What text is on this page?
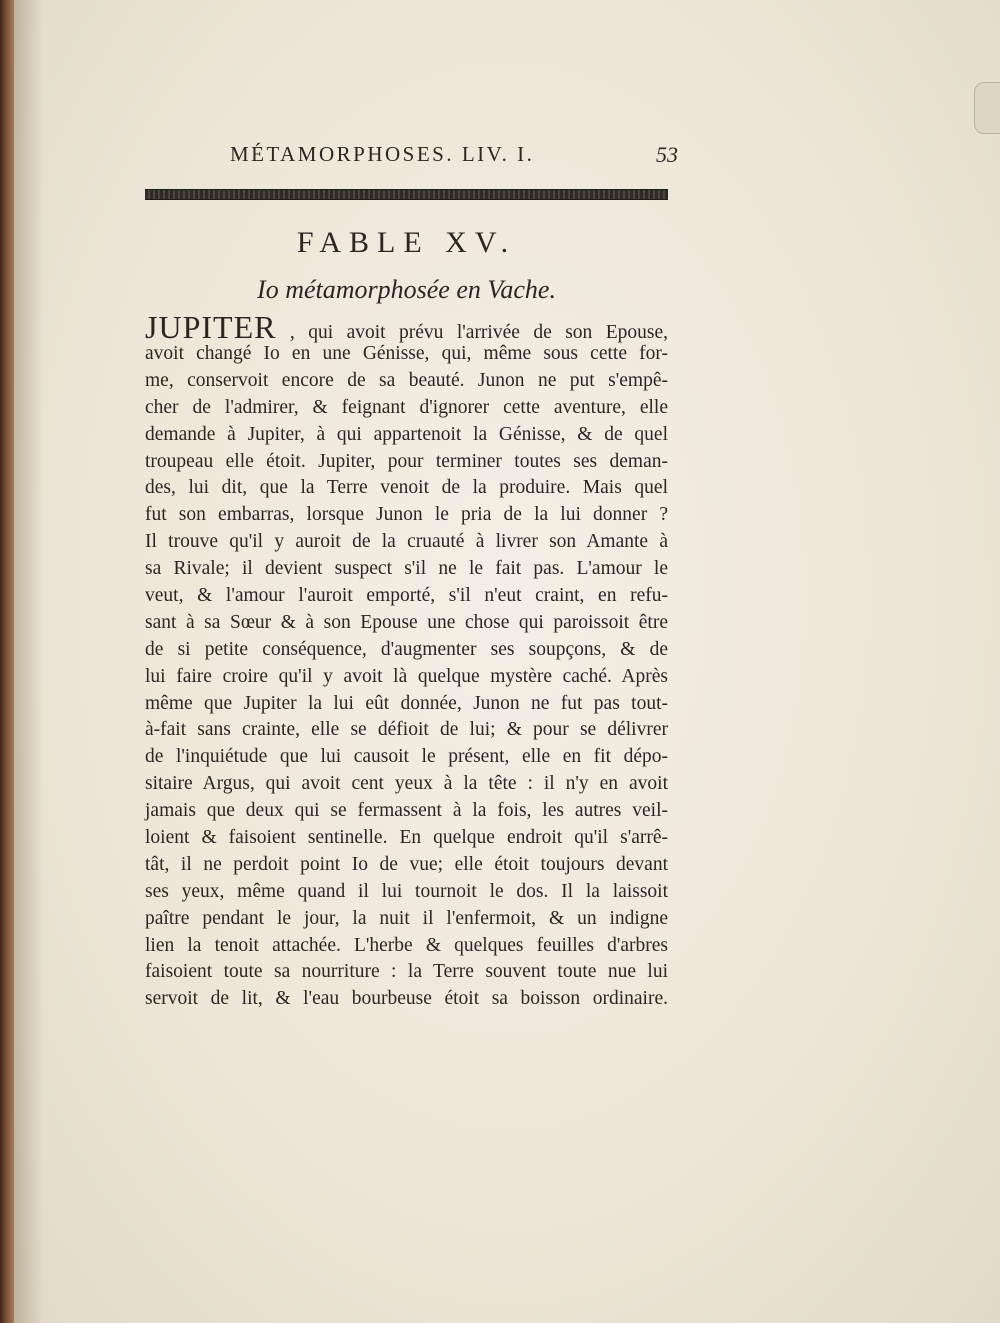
MÉTAMORPHOSES. LIV. I.	53
FABLE XV.
Io métamorphosée en Vache.
JUPITER , qui avoit prévu l'arrivée de son Epouse,
avoit changé Io en une Génisse, qui, même sous cette for-
me, conservoit encore de sa beauté. Junon ne put s'empê-
cher de l'admirer, & feignant d'ignorer cette aventure, elle
demande à Jupiter, à qui appartenoit la Génisse, & de quel
troupeau elle étoit. Jupiter, pour terminer toutes ses deman-
des, lui dit, que la Terre venoit de la produire. Mais quel
fut son embarras, lorsque Junon le pria de la lui donner ?
Il trouve qu'il y auroit de la cruauté à livrer son Amante à
sa Rivale; il devient suspect s'il ne le fait pas. L'amour le
veut, & l'amour l'auroit emporté, s'il n'eut craint, en refu-
sant à sa Sœur & à son Epouse une chose qui paroissoit être
de si petite conséquence, d'augmenter ses soupçons, & de
lui faire croire qu'il y avoit là quelque mystère caché. Après
même que Jupiter la lui eût donnée, Junon ne fut pas tout-
à-fait sans crainte, elle se défioit de lui; & pour se délivrer
de l'inquiétude que lui causoit le présent, elle en fit dépo-
sitaire Argus, qui avoit cent yeux à la tête : il n'y en avoit
jamais que deux qui se fermassent à la fois, les autres veil-
loient & faisoient sentinelle. En quelque endroit qu'il s'arrê-
tât, il ne perdoit point Io de vue; elle étoit toujours devant
ses yeux, même quand il lui tournoit le dos. Il la laissoit
paître pendant le jour, la nuit il l'enfermoit, & un indigne
lien la tenoit attachée. L'herbe & quelques feuilles d'arbres
faisoient toute sa nourriture : la Terre souvent toute nue lui
servoit de lit, & l'eau bourbeuse étoit sa boisson ordinaire.
